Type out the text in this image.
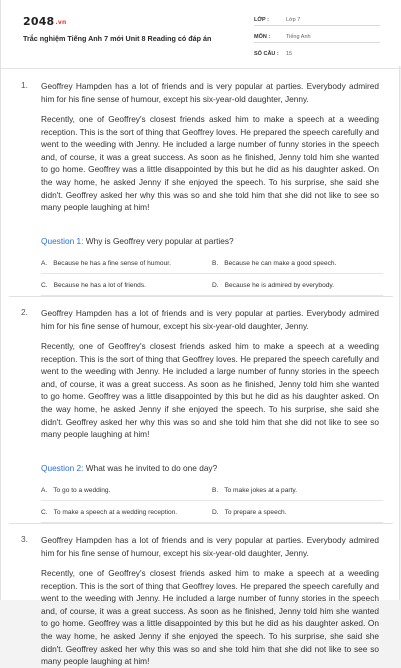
2048.vn
Trắc nghiệm Tiếng Anh 7 mới Unit 8 Reading có đáp án
LỚP :	Lớp 7
MÔN :	Tiếng Anh
SỐ CÂU : 15
1. Geoffrey Hampden has a lot of friends and is very popular at parties. Everybody admired him for his fine sense of humour, except his six-year-old daughter, Jenny.
Recently, one of Geoffrey's closest friends asked him to make a speech at a weeding reception. This is the sort of thing that Geoffrey loves. He prepared the speech carefully and went to the weeding with Jenny. He included a large number of funny stories in the speech and, of course, it was a great success. As soon as he finished, Jenny told him she wanted to go home. Geoffrey was a little disappointed by this but he did as his daughter asked. On the way home, he asked Jenny if she enjoyed the speech. To his surprise, she said she didn't. Geoffrey asked her why this was so and she told him that she did not like to see so many people laughing at him!
Question 1: Why is Geoffrey very popular at parties?
A. Because he has a fine sense of humour.	B. Because he can make a good speech.
C. Because he has a lot of friends.	D. Because he is admired by everybody.
2. Geoffrey Hampden has a lot of friends and is very popular at parties. Everybody admired him for his fine sense of humour, except his six-year-old daughter, Jenny.
Recently, one of Geoffrey's closest friends asked him to make a speech at a weeding reception. This is the sort of thing that Geoffrey loves. He prepared the speech carefully and went to the weeding with Jenny. He included a large number of funny stories in the speech and, of course, it was a great success. As soon as he finished, Jenny told him she wanted to go home. Geoffrey was a little disappointed by this but he did as his daughter asked. On the way home, he asked Jenny if she enjoyed the speech. To his surprise, she said she didn't. Geoffrey asked her why this was so and she told him that she did not like to see so many people laughing at him!
Question 2: What was he invited to do one day?
A. To go to a wedding.	B. To make jokes at a party.
C. To make a speech at a wedding reception.	D. To prepare a speech.
3. Geoffrey Hampden has a lot of friends and is very popular at parties. Everybody admired him for his fine sense of humour, except his six-year-old daughter, Jenny.
Recently, one of Geoffrey's closest friends asked him to make a speech at a weeding reception. This is the sort of thing that Geoffrey loves. He prepared the speech carefully and went to the weeding with Jenny. He included a large number of funny stories in the speech and, of course, it was a great success. As soon as he finished, Jenny told him she wanted to go home. Geoffrey was a little disappointed by this but he did as his daughter asked. On the way home, he asked Jenny if she enjoyed the speech. To his surprise, she said she didn't. Geoffrey asked her why this was so and she told him that she did not like to see so many people laughing at him!
